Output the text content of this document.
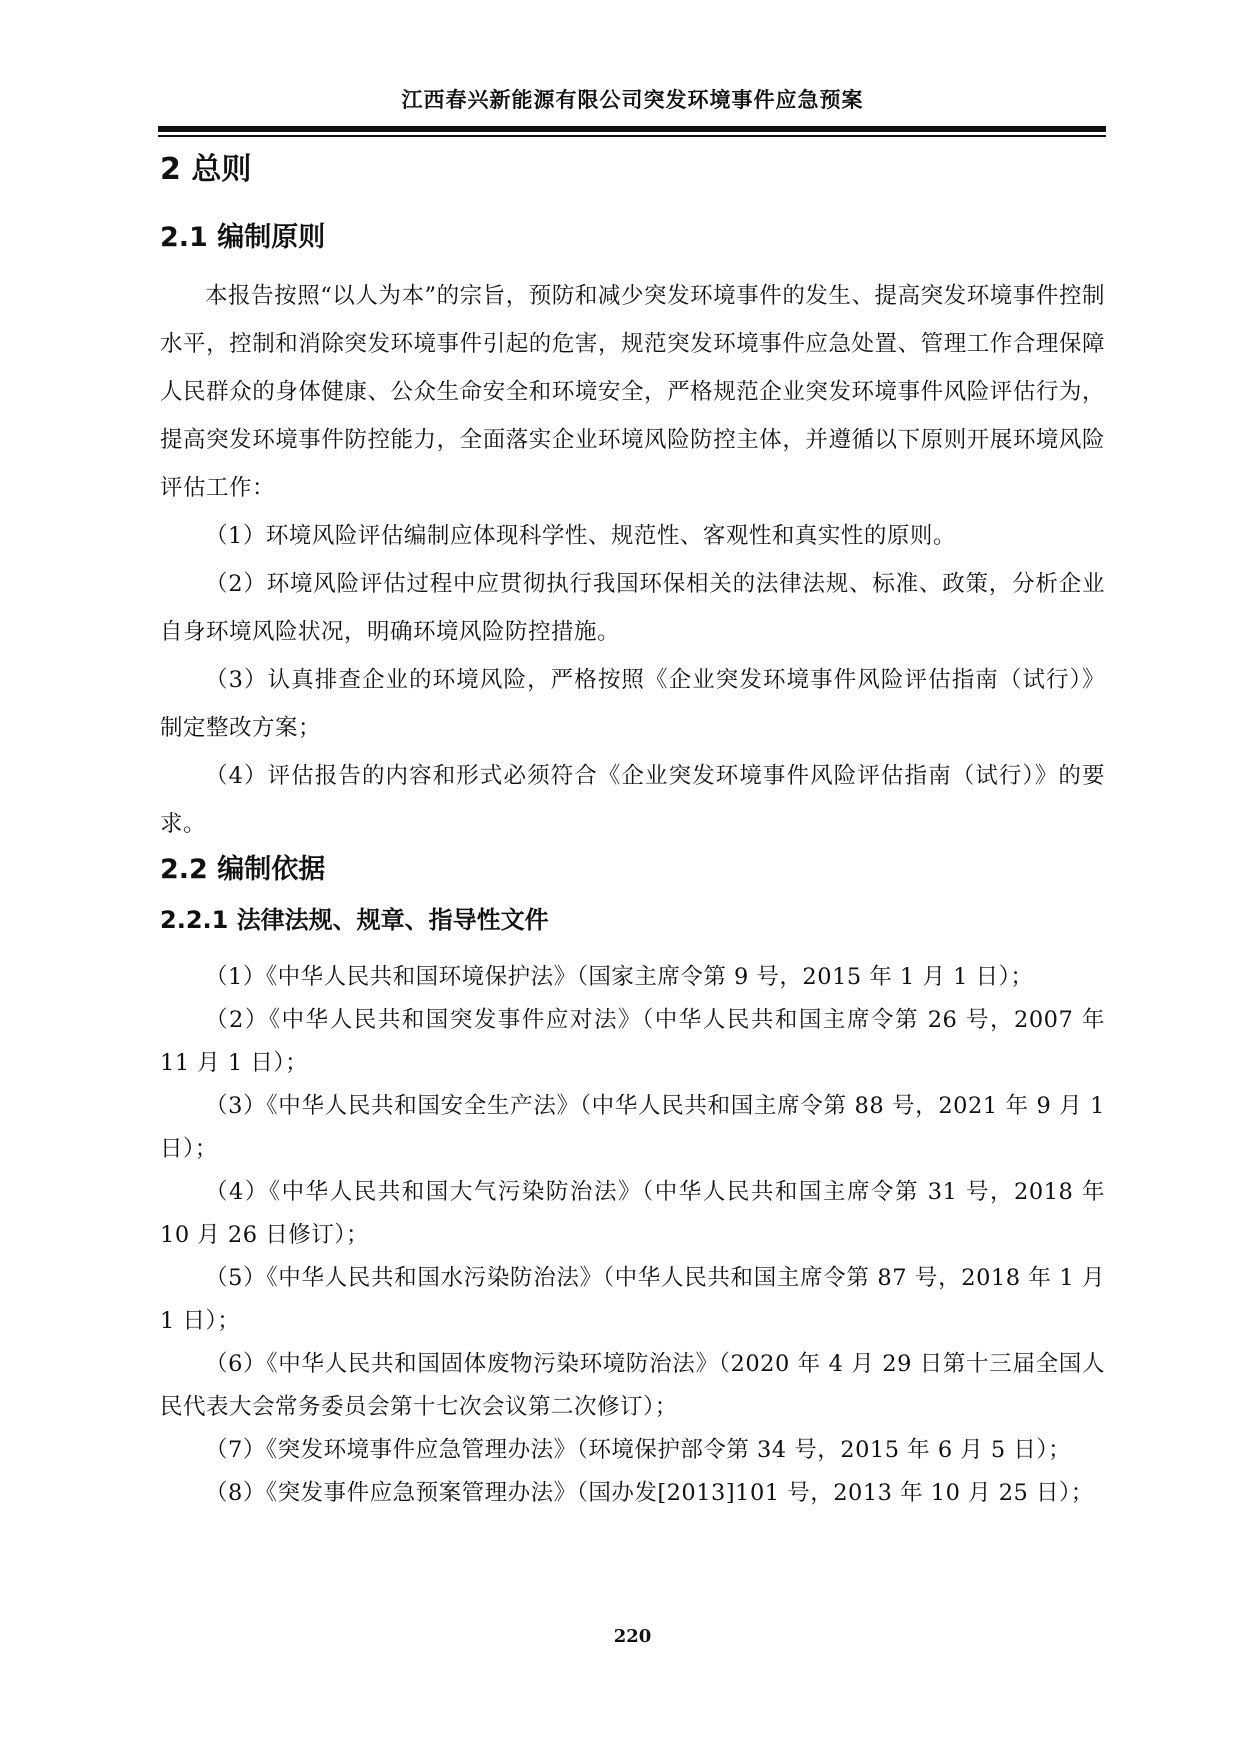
江西春兴新能源有限公司突发环境事件应急预案
2 总则
2.1 编制原则

本报告按照“以人为本”的宗旨，预防和减少突发环境事件的发生、提高突发环境事件控制水平，控制和消除突发环境事件引起的危害，规范突发环境事件应急处置、管理工作合理保障人民群众的身体健康、公众生命安全和环境安全，严格规范企业突发环境事件风险评估行为，提高突发环境事件防控能力，全面落实企业环境风险防控主体，并遵循以下原则开展环境风险评估工作：

（1）环境风险评估编制应体现科学性、规范性、客观性和真实性的原则。

（2）环境风险评估过程中应贯彻执行我国环保相关的法律法规、标准、政策，分析企业自身环境风险状况，明确环境风险防控措施。

（3）认真排查企业的环境风险，严格按照《企业突发环境事件风险评估指南（试行）》制定整改方案；

（4）评估报告的内容和形式必须符合《企业突发环境事件风险评估指南（试行）》的要求。

2.2 编制依据
2.2.1 法律法规、规章、指导性文件

（1）《中华人民共和国环境保护法》（国家主席令第 9 号，2015 年 1 月 1 日）；

（2）《中华人民共和国突发事件应对法》（中华人民共和国主席令第 26 号，2007 年 11 月 1 日）；

（3）《中华人民共和国安全生产法》（中华人民共和国主席令第 88 号，2021 年 9 月 1 日）；

（4）《中华人民共和国大气污染防治法》（中华人民共和国主席令第 31 号，2018 年 10 月 26 日修订）；

（5）《中华人民共和国水污染防治法》（中华人民共和国主席令第 87 号，2018 年 1 月 1 日）；

（6）《中华人民共和国固体废物污染环境防治法》（2020 年 4 月 29 日第十三届全国人民代表大会常务委员会第十七次会议第二次修订）；

（7）《突发环境事件应急管理办法》（环境保护部令第 34 号，2015 年 6 月 5 日）；

（8）《突发事件应急预案管理办法》（国办发[2013]101 号，2013 年 10 月 25 日）；

220
